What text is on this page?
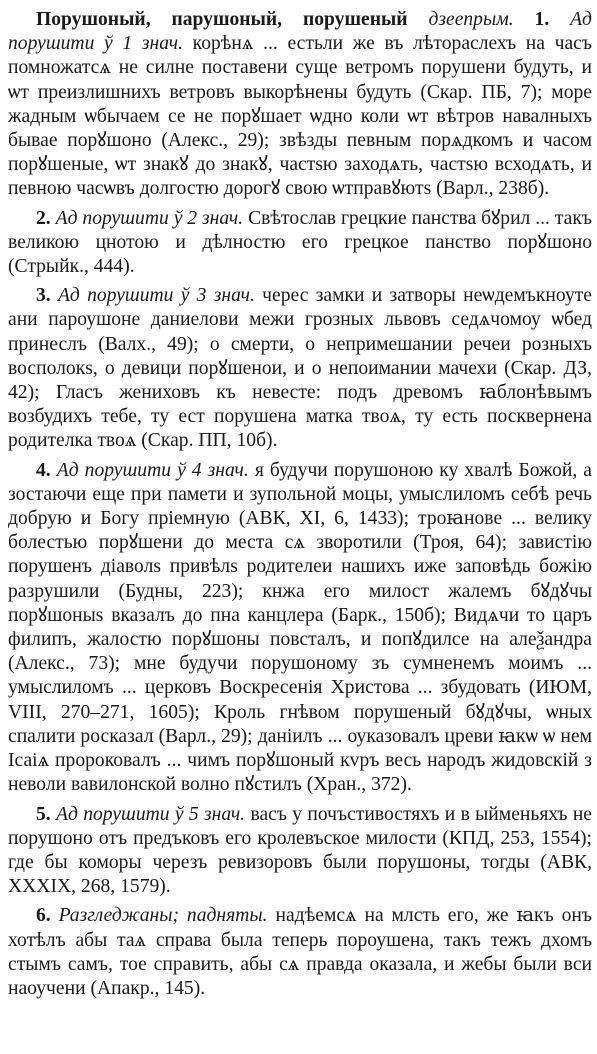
Порушоный, парушоный, порушеный дзеeпрым. 1. Ад порушити ў 1 знач. корѣнѧ ... естьли же въ лѣторaслехъ на часъ помножатсѧ не силне поставени суще ветромъ порушени будуть, и ѡт преизлишнихъ ветровъ выкорѣнены будуть (Скар. ПБ, 7); море жадным ѡбычаем се не порꙋшает ѡдно коли ѡт вѣтров навалныхъ бывае порꙋшоно (Алекс., 29); звѣзды певным порѧдкомъ и часом порꙋшеные, ѡт знакꙋ до знакꙋ, частѕю заходѧть, частѕю всходѧть, и певною часѡвъ долгостю дорогꙋ свою ѡтправꙋютѕ (Варл., 238б).

2. Ад порушити ў 2 знач. Свѣтослав грецкие панства бꙋрил ... такъ великою цнотою и дѣлностю его грецкое панство порꙋшоно (Стрыйк., 444).

3. Ад порушити ў 3 знач. черес замки и затворы неѡдемъкноуте ани пароушоне даниелови межи грозных львовъ седѧчомоу ѡбед принеслъ (Валх., 49); о смерти, о непримешании речеи розныхъ восполокѕ, о девици порꙋшенои, и о непоимании мачехи (Скар. ДЗ, 42); Гласъ жениховъ къ невесте: подъ древомъ ꙗблонѣвымъ возбудихъ тебе, ту ест порушена матка твоѧ, ту есть посквернена родителка твоѧ (Скар. ПП, 10б).

4. Ад порушити ў 4 знач. я будучи порушоною ку хвалѣ Божой, а зостаючи еще при памети и зупольной моцы, умыслиломъ себѣ речь добрую и Богу прiемную (АВК, XI, 6, 1433); троꙗнове ... велику болестью порꙋшени до места сѧ зворотили (Троя, 64); завистiю порушенъ дiаволѕ привѣлѕ родителеи нашихъ иже заповѣдь божiю разрушили (Будны, 223); кнжа его милост жалемъ бꙋдꙋчы порꙋшоныѕ вказалъ до пна канцлера (Барк., 150б); Видѧчи то царъ филипъ, жалостю порꙋшоны повсталъ, и попꙋдилсе на алеѯандра (Алекс., 73); мне будучи порушоному зъ сумненемъ моимъ ... умыслиломъ ... церковъ Воскресенiя Христова ... збудовать (ИЮМ, VIII, 270–271, 1605); Кроль гнѣвом порушеный бꙋдꙋчы, ѡных спалити росказал (Варл., 29); данiилъ ... оуказовалъ цреви ꙗкѡ ѡ нем Iсаiѧ пророковалъ ... чимъ порꙋшоный кvръ весь народъ жидовскiй з неволи вавилонской волно пꙋстилъ (Хран., 372).

5. Ад порушити ў 5 знач. васъ у почъстивостяхъ и в ыйменьяхъ не порушоно отъ предъковъ его кролевъское милости (КПД, 253, 1554); где бы коморы черезъ ревизоровъ были порушоны, тогды (АВК, XXXIX, 268, 1579).

6. Разгледжаны; падняты. надѣемсѧ на млсть его, же ꙗкъ онъ хотѣлъ абы таѧ справа была теперь пороушена, такъ тежъ дхомъ стымъ самъ, тое справить, абы сѧ правда оказала, и жебы были вси наоучени (Апакр., 145).
